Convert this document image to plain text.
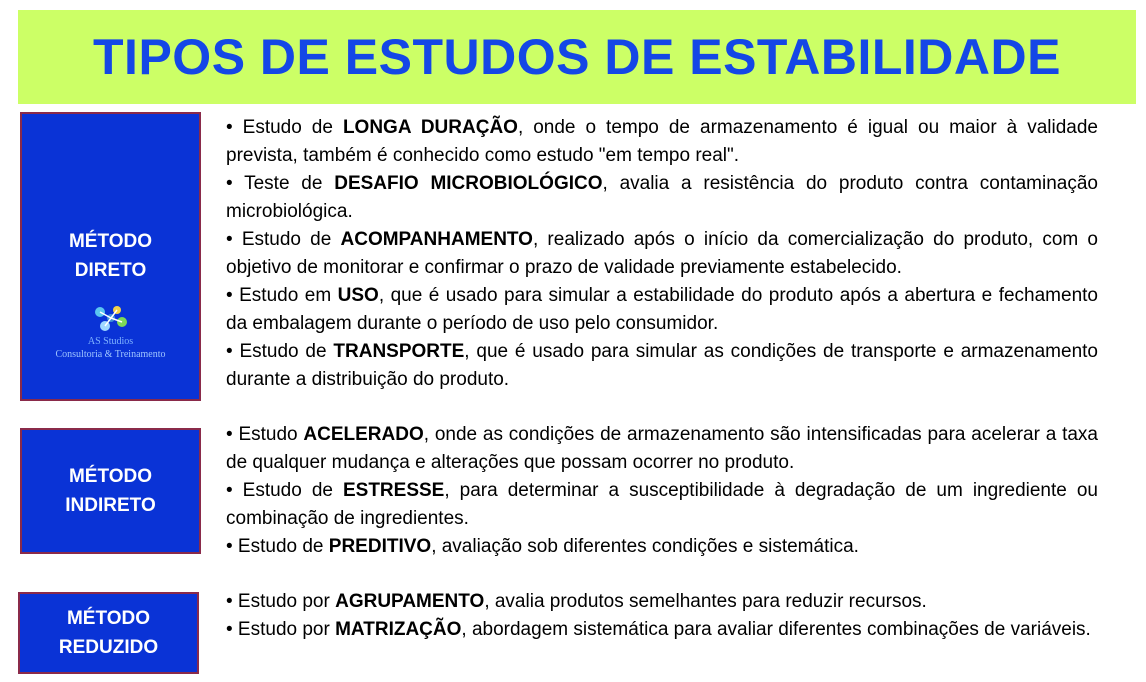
TIPOS DE ESTUDOS DE ESTABILIDADE
MÉTODO
DIRETO
AS Studios
Consultoria & Treinamento
MÉTODO
INDIRETO
MÉTODO
REDUZIDO

• Estudo de LONGA DURAÇÃO, onde o tempo de armazenamento é igual ou maior à validade prevista, também é conhecido como estudo "em tempo real".

• Teste de DESAFIO MICROBIOLÓGICO, avalia a resistência do produto contra contaminação microbiológica.

• Estudo de ACOMPANHAMENTO, realizado após o início da comercialização do produto, com o objetivo de monitorar e confirmar o prazo de validade previamente estabelecido.

• Estudo em USO, que é usado para simular a estabilidade do produto após a abertura e fechamento da embalagem durante o período de uso pelo consumidor.

• Estudo de TRANSPORTE, que é usado para simular as condições de transporte e armazenamento durante a distribuição do produto.

• Estudo ACELERADO, onde as condições de armazenamento são intensificadas para acelerar a taxa de qualquer mudança e alterações que possam ocorrer no produto.

• Estudo de ESTRESSE, para determinar a susceptibilidade à degradação de um ingrediente ou combinação de ingredientes.

• Estudo de PREDITIVO, avaliação sob diferentes condições e sistemática.

• Estudo por AGRUPAMENTO, avalia produtos semelhantes para reduzir recursos.

• Estudo por MATRIZAÇÃO, abordagem sistemática para avaliar diferentes combinações de variáveis.
